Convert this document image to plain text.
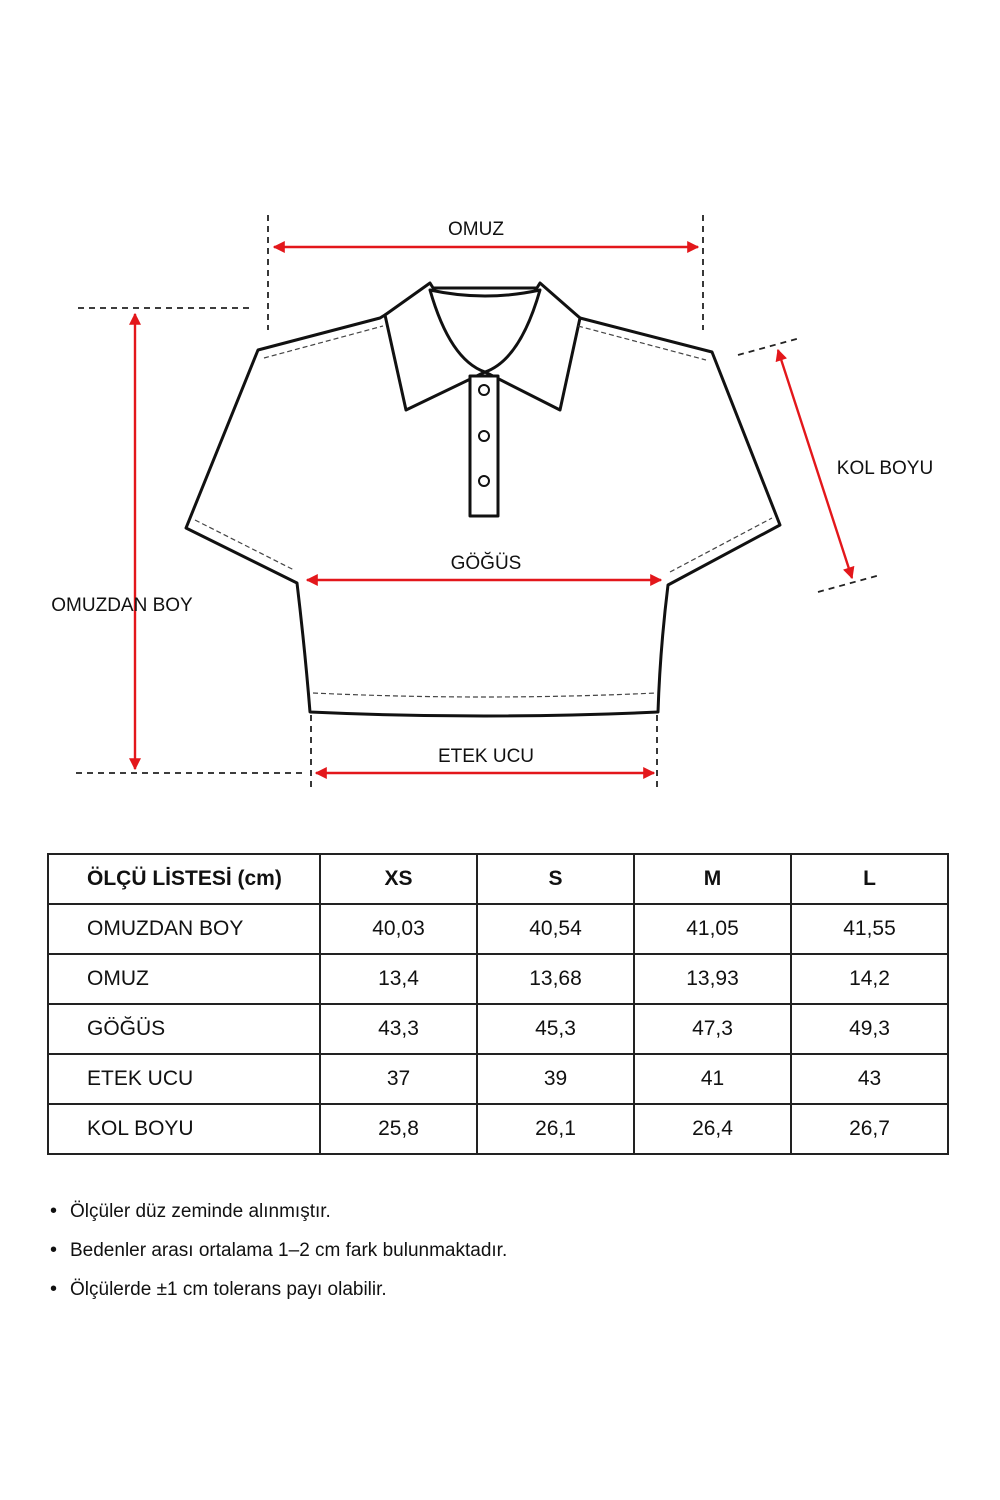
OMUZ
KOL BOYU
GÖĞÜS
OMUZDAN BOY
ETEK UCU
ÖLÇÜ LİSTESİ (cm)	XS	S	M	L
OMUZDAN BOY	40,03	40,54	41,05	41,55
OMUZ	13,4	13,68	13,93	14,2
GÖĞÜS	43,3	45,3	47,3	49,3
ETEK UCU	37	39	41	43
KOL BOYU	25,8	26,1	26,4	26,7
• Ölçüler düz zeminde alınmıştır.
• Bedenler arası ortalama 1–2 cm fark bulunmaktadır.
• Ölçülerde ±1 cm tolerans payı olabilir.
